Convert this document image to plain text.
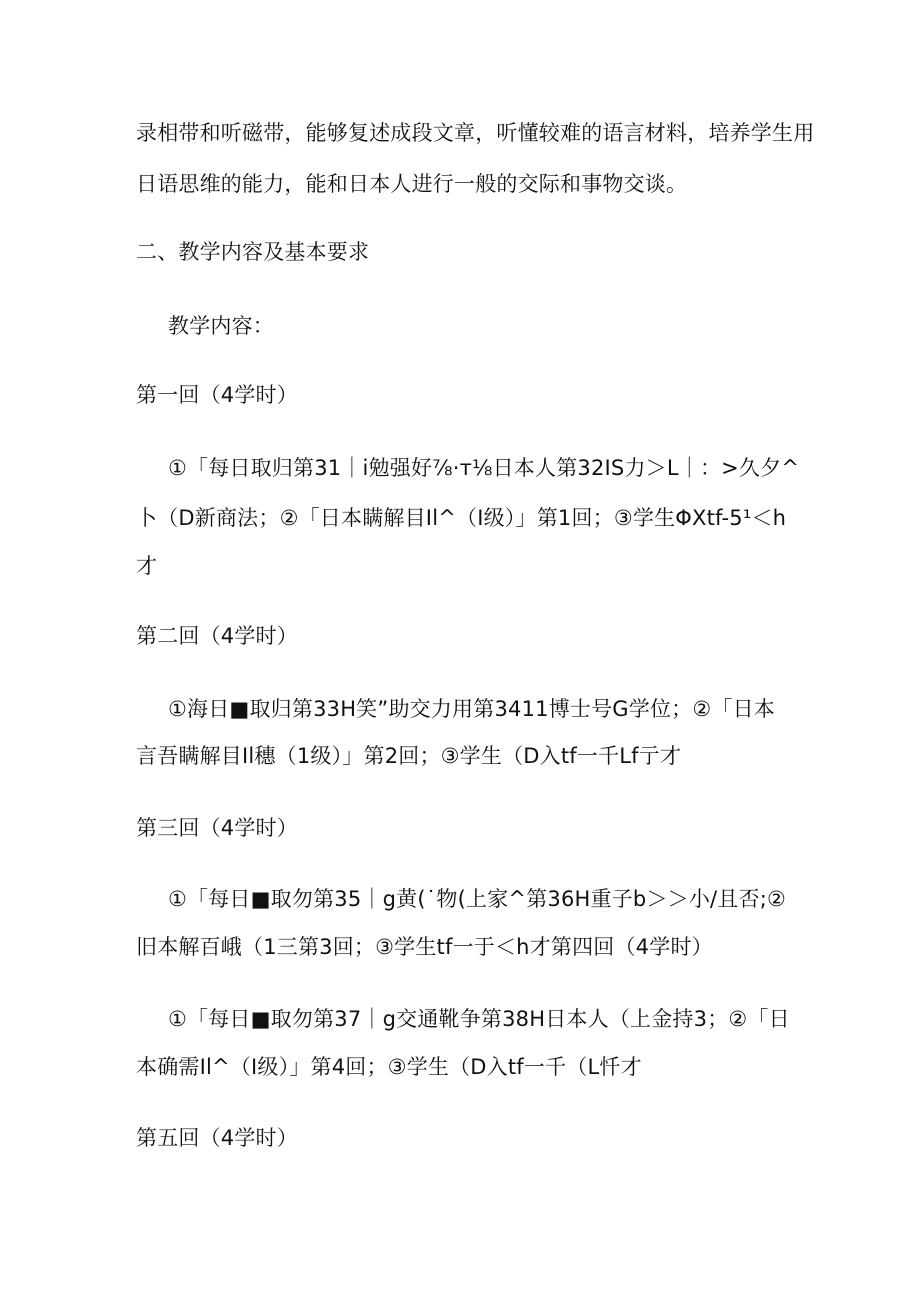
录相带和听磁带，能够复述成段文章，听懂较难的语言材料，培养学生用
日语思维的能力，能和日本人进行一般的交际和事物交谈。
二、教学内容及基本要求
教学内容：
第一回（4学时）
①「每日取归第31｜i勉强好⅞·т⅛日本人第32IS力＞L｜：>久夕^
卜（D新商法；②「日本瞒解目Il^（I级）」第1回；③学生ΦXtf-5¹＜h
才
第二回（4学时）
①海日■取归第33H笑”助交力用第3411博士号G学位；②「日本
言吾瞒解目Il穗（1级）」第2回；③学生（D入tf一千Lf亍才
第三回（4学时）
①「每日■取勿第35｜g黄(˙物(上家^第36H重子b＞＞小/且否;②
旧本解百峨（1三第3回；③学生tf一于＜h才第四回（4学时）
①「每日■取勿第37｜g交通靴争第38H日本人（上金持3；②「日
本确需Il^（I级）」第4回；③学生（D入tf一千（L忏才
第五回（4学时）
